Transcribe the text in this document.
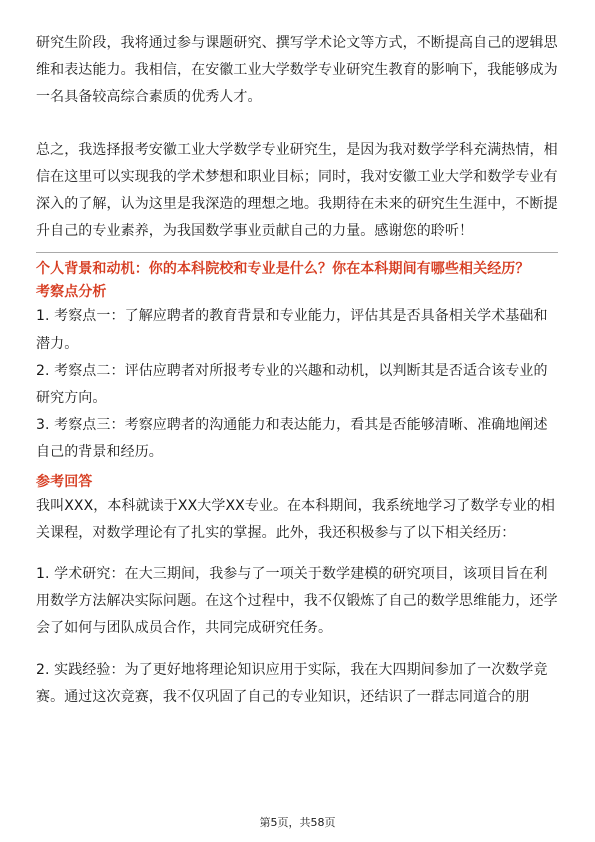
研究生阶段，我将通过参与课题研究、撰写学术论文等方式，不断提高自己的逻辑思维和表达能力。我相信，在安徽工业大学数学专业研究生教育的影响下，我能够成为一名具备较高综合素质的优秀人才。

总之，我选择报考安徽工业大学数学专业研究生，是因为我对数学学科充满热情，相信在这里可以实现我的学术梦想和职业目标；同时，我对安徽工业大学和数学专业有深入的了解，认为这里是我深造的理想之地。我期待在未来的研究生生涯中，不断提升自己的专业素养，为我国数学事业贡献自己的力量。感谢您的聆听！

个人背景和动机：你的本科院校和专业是什么？你在本科期间有哪些相关经历？

考察点分析

1. 考察点一：了解应聘者的教育背景和专业能力，评估其是否具备相关学术基础和潜力。

2. 考察点二：评估应聘者对所报考专业的兴趣和动机，以判断其是否适合该专业的研究方向。

3. 考察点三：考察应聘者的沟通能力和表达能力，看其是否能够清晰、准确地阐述自己的背景和经历。

参考回答

我叫XXX，本科就读于XX大学XX专业。在本科期间，我系统地学习了数学专业的相关课程，对数学理论有了扎实的掌握。此外，我还积极参与了以下相关经历：

1. 学术研究：在大三期间，我参与了一项关于数学建模的研究项目，该项目旨在利用数学方法解决实际问题。在这个过程中，我不仅锻炼了自己的数学思维能力，还学会了如何与团队成员合作，共同完成研究任务。

2. 实践经验：为了更好地将理论知识应用于实际，我在大四期间参加了一次数学竞赛。通过这次竞赛，我不仅巩固了自己的专业知识，还结识了一群志同道合的朋

第5页，共58页
